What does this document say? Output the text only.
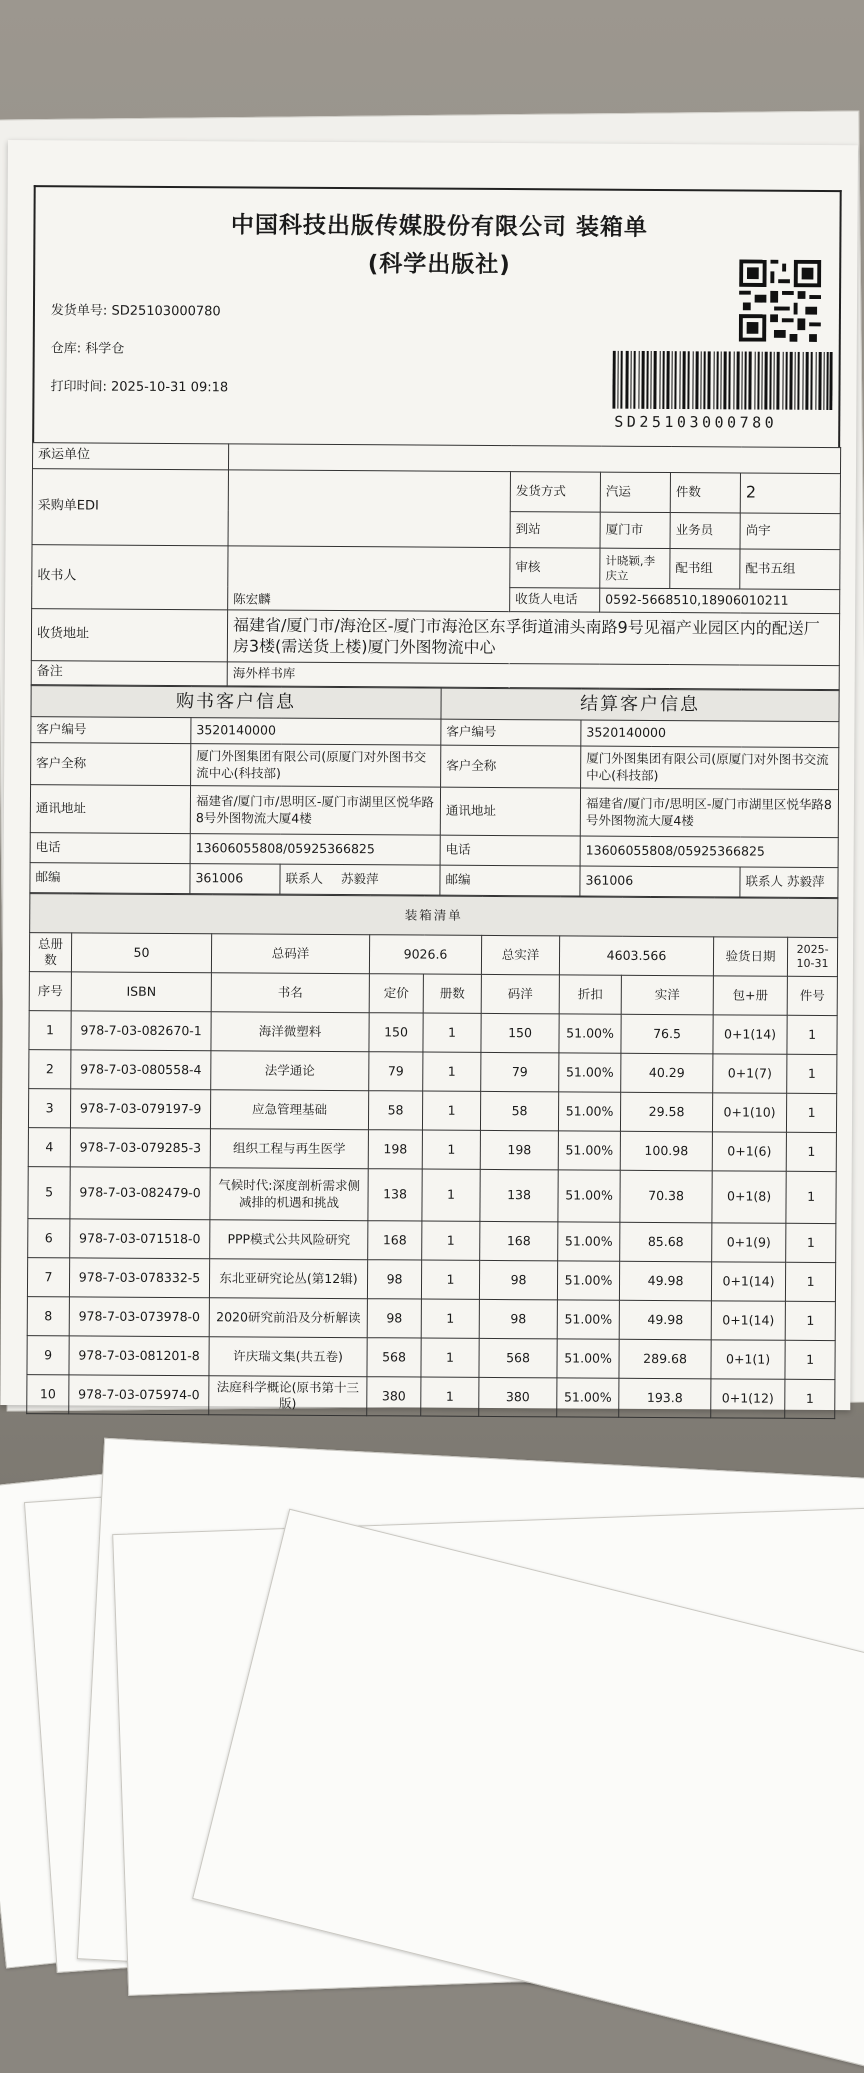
中国科技出版传媒股份有限公司 装箱单
(科学出版社)
发货单号: SD25103000780
仓库: 科学仓
打印时间: 2025-10-31 09:18
SD25103000780
承运单位					
采购单EDI		发货方式	汽运	件数	2
		到站	厦门市	业务员	尚宇
收书人	陈宏麟	审核	计晓颖,李庆立	配书组	配书五组
		收货人电话	0592-5668510,18906010211		
收货地址	福建省/厦门市/海沧区-厦门市海沧区东孚街道浦头南路9号见福产业园区内的配送厂房3楼(需送货上楼)厦门外图物流中心				
备注	海外样书库				
购书客户信息			结算客户信息		
客户编号	3520140000		客户编号	3520140000	
客户全称	厦门外图集团有限公司(原厦门对外图书交流中心(科技部)		客户全称	厦门外图集团有限公司(原厦门对外图书交流中心(科技部)	
通讯地址	福建省/厦门市/思明区-厦门市湖里区悦华路8号外图物流大厦4楼		通讯地址	福建省/厦门市/思明区-厦门市湖里区悦华路8号外图物流大厦4楼	
电话	13606055808/05925366825		电话	13606055808/05925366825	
邮编	361006	联系人 苏毅萍	邮编	361006	联系人 苏毅萍
装箱清单									
总册数	50	总码洋	9026.6		总实洋	4603.566		验货日期	2025-10-31
序号	ISBN	书名	定价	册数	码洋	折扣	实洋	包+册	件号
1	978-7-03-082670-1	海洋微塑料	150	1	150	51.00%	76.5	0+1(14)	1
2	978-7-03-080558-4	法学通论	79	1	79	51.00%	40.29	0+1(7)	1
3	978-7-03-079197-9	应急管理基础	58	1	58	51.00%	29.58	0+1(10)	1
4	978-7-03-079285-3	组织工程与再生医学	198	1	198	51.00%	100.98	0+1(6)	1
5	978-7-03-082479-0	气候时代:深度剖析需求侧减排的机遇和挑战	138	1	138	51.00%	70.38	0+1(8)	1
6	978-7-03-071518-0	PPP模式公共风险研究	168	1	168	51.00%	85.68	0+1(9)	1
7	978-7-03-078332-5	东北亚研究论丛(第12辑)	98	1	98	51.00%	49.98	0+1(14)	1
8	978-7-03-073978-0	2020研究前沿及分析解读	98	1	98	51.00%	49.98	0+1(14)	1
9	978-7-03-081201-8	许庆瑞文集(共五卷)	568	1	568	51.00%	289.68	0+1(1)	1
10	978-7-03-075974-0	法庭科学概论(原书第十三版)	380	1	380	51.00%	193.8	0+1(12)	1
